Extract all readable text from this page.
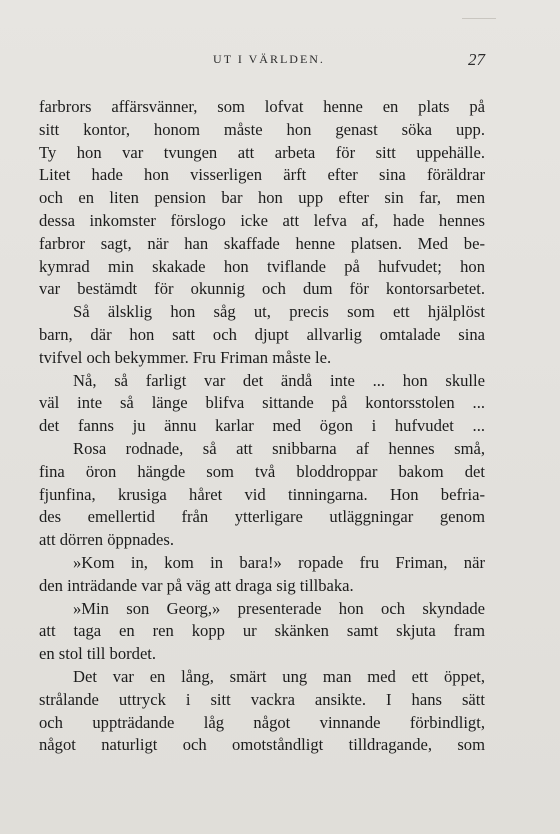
UT I VÄRLDEN.	27
farbrors affärsvänner, som lofvat henne en plats på
sitt kontor, honom måste hon genast söka upp.
Ty hon var tvungen att arbeta för sitt uppehälle.
Litet hade hon visserligen ärft efter sina föräldrar
och en liten pension bar hon upp efter sin far, men
dessa inkomster förslogo icke att lefva af, hade hennes
farbror sagt, när han skaffade henne platsen. Med be-
kymrad min skakade hon tviflande på hufvudet; hon
var bestämdt för okunnig och dum för kontorsarbetet.
Så älsklig hon såg ut, precis som ett hjälplöst
barn, där hon satt och djupt allvarlig omtalade sina
tvifvel och bekymmer. Fru Friman måste le.
Nå, så farligt var det ändå inte ... hon skulle
väl inte så länge blifva sittande på kontorsstolen ...
det fanns ju ännu karlar med ögon i hufvudet ...
Rosa rodnade, så att snibbarna af hennes små,
fina öron hängde som två bloddroppar bakom det
fjunfina, krusiga håret vid tinningarna. Hon befria-
des emellertid från ytterligare utläggningar genom
att dörren öppnades.
»Kom in, kom in bara!» ropade fru Friman, när
den inträdande var på väg att draga sig tillbaka.
»Min son Georg,» presenterade hon och skyndade
att taga en ren kopp ur skänken samt skjuta fram
en stol till bordet.
Det var en lång, smärt ung man med ett öppet,
strålande uttryck i sitt vackra ansikte. I hans sätt
och uppträdande låg något vinnande förbindligt,
något naturligt och omotståndligt tilldragande, som
